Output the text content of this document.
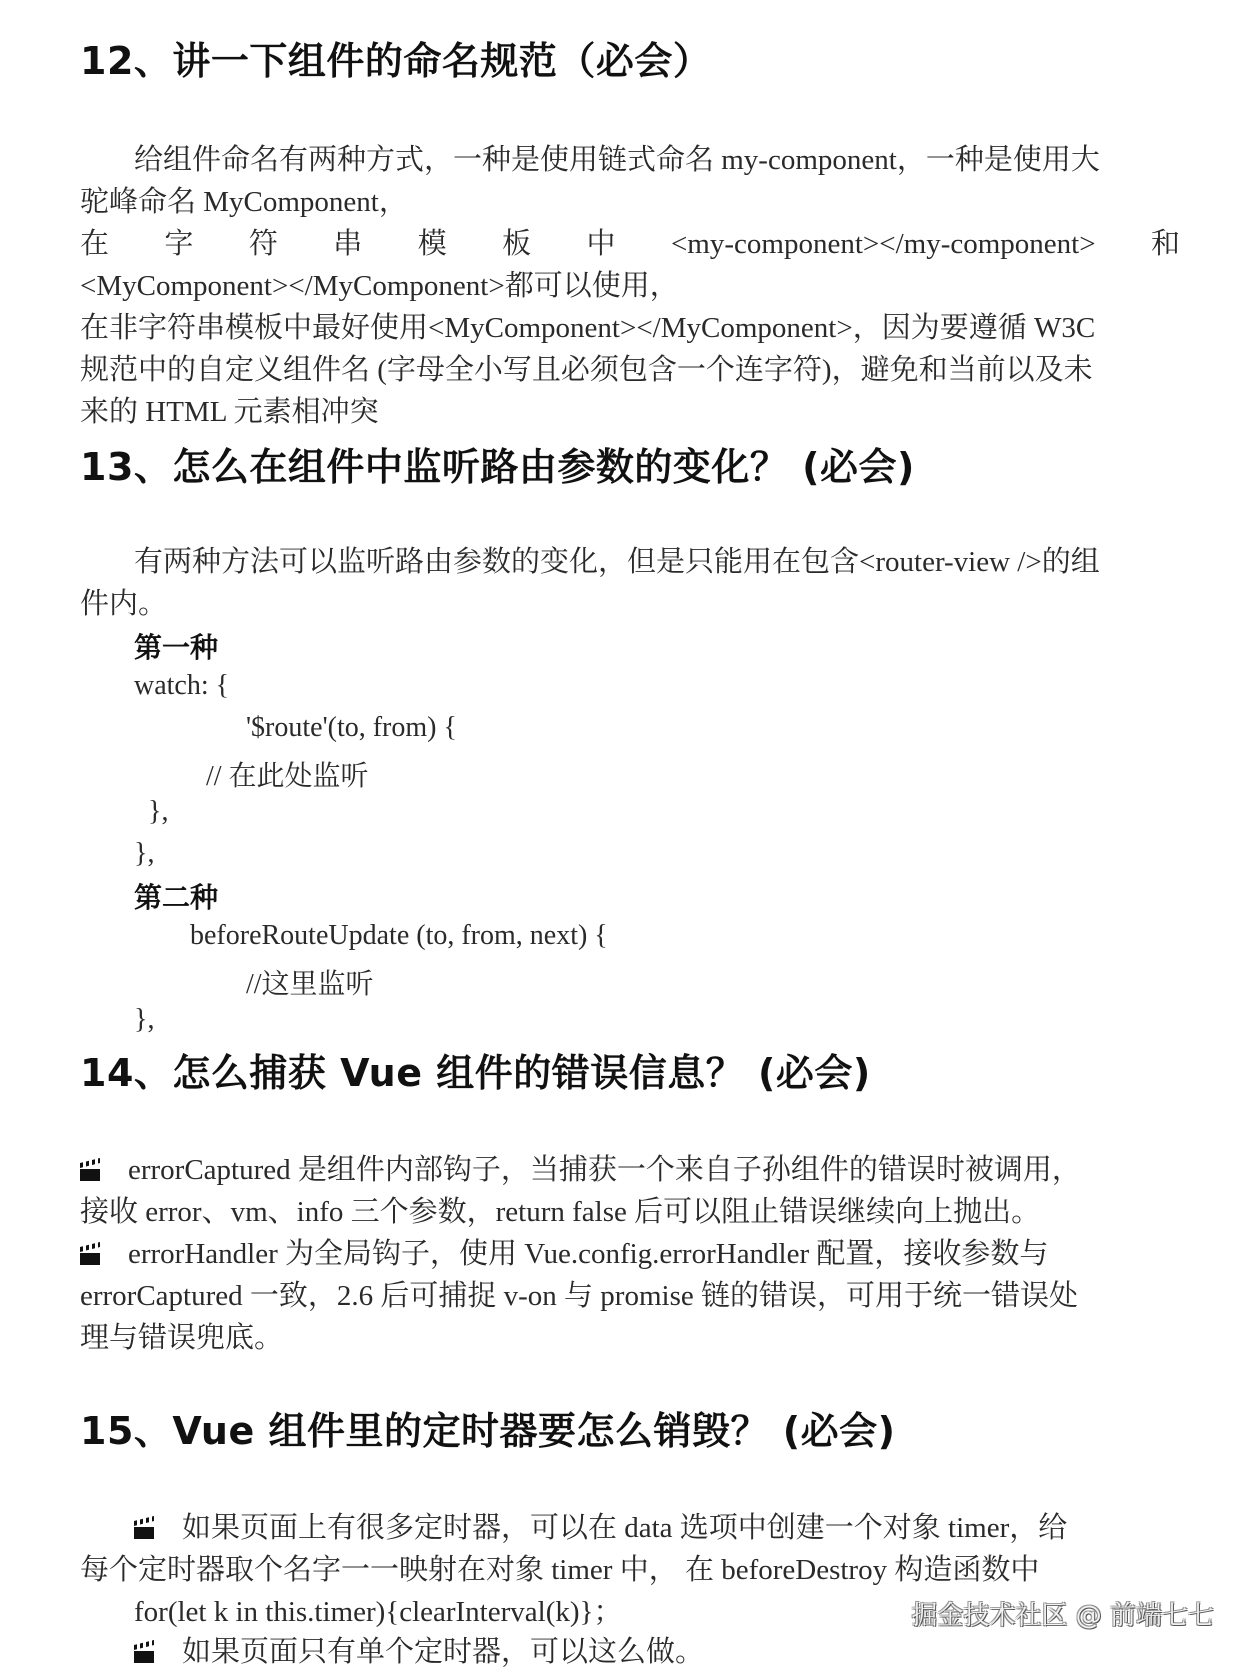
12、讲一下组件的命名规范（必会）
给组件命名有两种方式，一种是使用链式命名 my-component，一种是使用大
驼峰命名 MyComponent，
在 字 符 串 模 板 中 <my-component></my-component> 和
<MyComponent></MyComponent>都可以使用，
在非字符串模板中最好使用<MyComponent></MyComponent>，因为要遵循 W3C
规范中的自定义组件名 (字母全小写且必须包含一个连字符)，避免和当前以及未
来的 HTML 元素相冲突
13、怎么在组件中监听路由参数的变化？ (必会)
有两种方法可以监听路由参数的变化，但是只能用在包含<router-view />的组
件内。
第一种
watch: {
'$route'(to, from) {
// 在此处监听
},
},
第二种
beforeRouteUpdate (to, from, next) {
//这里监听
},
14、怎么捕获 Vue 组件的错误信息？ (必会)
errorCaptured 是组件内部钩子，当捕获一个来自子孙组件的错误时被调用，
接收 error、vm、info 三个参数，return false 后可以阻止错误继续向上抛出。
errorHandler 为全局钩子，使用 Vue.config.errorHandler 配置，接收参数与
errorCaptured 一致，2.6 后可捕捉 v-on 与 promise 链的错误，可用于统一错误处
理与错误兜底。
15、Vue 组件里的定时器要怎么销毁？ (必会)
如果页面上有很多定时器，可以在 data 选项中创建一个对象 timer，给
每个定时器取个名字一一映射在对象 timer 中， 在 beforeDestroy 构造函数中
for(let k in this.timer){clearInterval(k)}；
如果页面只有单个定时器，可以这么做。
掘金技术社区 @ 前端七七
